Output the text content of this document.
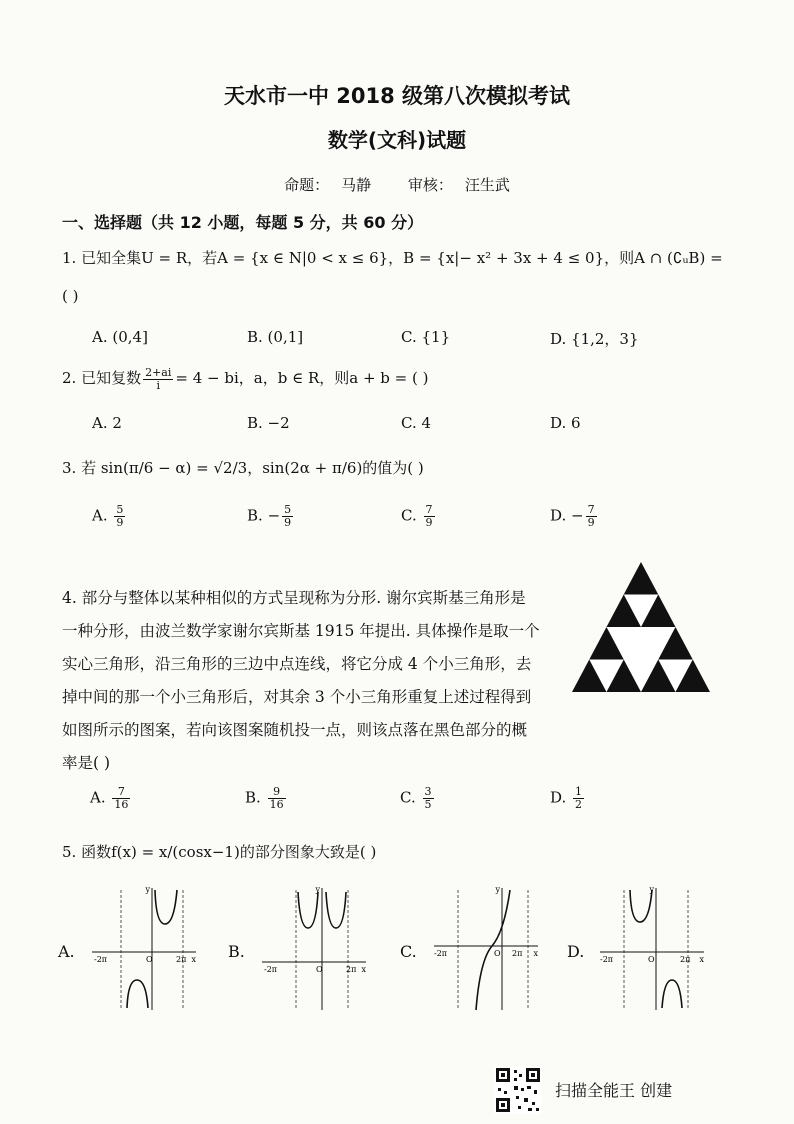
天水市一中 2018 级第八次模拟考试
数学(文科)试题
命题： 马静 审核： 汪生武
一、选择题（共 12 小题，每题 5 分，共 60 分）
1. 已知全集U = R，若A = {x ∈ N|0 < x ≤ 6}，B = {x|− x² + 3x + 4 ≤ 0}，则A ∩ (∁ᵤB) =
( )
A. (0,4]	B. (0,1]	C. {1}	D. {1,2，3}
2. 已知复数 $\frac{2+ai}{i} = 4$ − bi，a，b ∈ R，则a + b = ( )
A. 2	B. −2	C. 4	D. 6
3. 若 sin(π/6 − α) = √2/3，sin(2α + π/6)的值为( )
A. $\frac{5}{9}$	B. − $\frac{5}{9}$	C. $\frac{7}{9}$	D. − $\frac{7}{9}$
4. 部分与整体以某种相似的方式呈现称为分形. 谢尔宾斯基三角形是一种分形，由波兰数学家谢尔宾斯基 1915 年提出. 具体操作是取一个实心三角形，沿三角形的三边中点连线，将它分成 4 个小三角形，去掉中间的那一个小三角形后，对其余 3 个小三角形重复上述过程得到如图所示的图案，若向该图案随机投一点，则该点落在黑色部分的概率是( )
A. $\frac{7}{16}$	B. $\frac{9}{16}$	C. $\frac{3}{5}$	D. $\frac{1}{2}$
5. 函数f(x) = x/(cosx−1)的部分图象大致是( )
A.	B.	C.	D.
y
x
O
-2π	2π
y
x
O
-2π	2π
y
x
O
-2π	2π
y
x
O
-2π	2π
扫描全能王 创建
